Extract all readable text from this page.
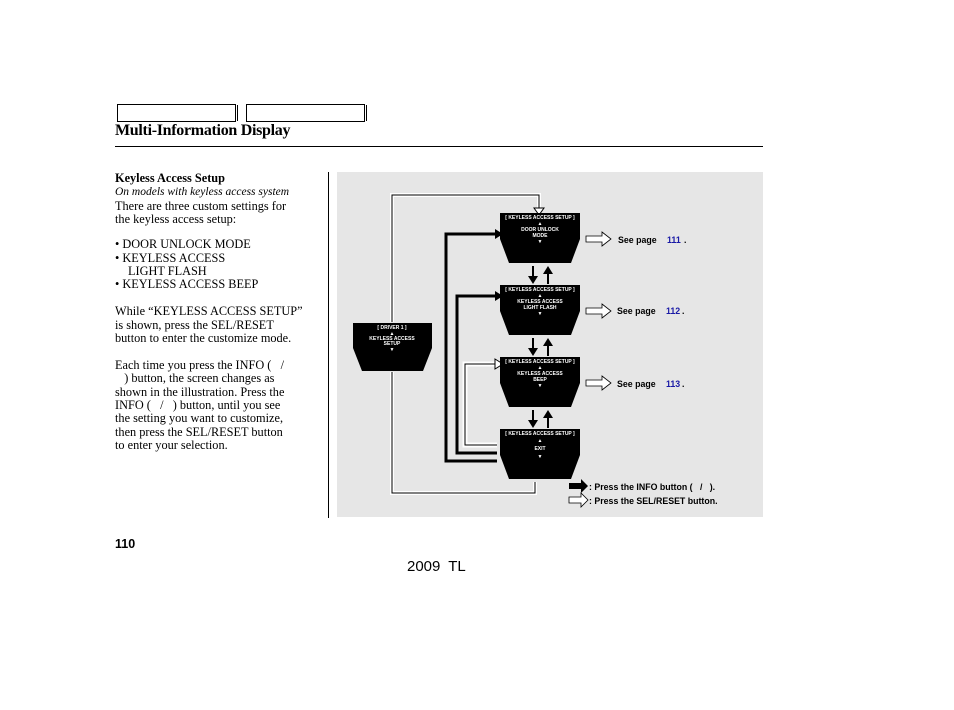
Multi-Information Display
Keyless Access Setup
On models with keyless access system
There are three custom settings for
the keyless access setup:
• DOOR UNLOCK MODE
• KEYLESS ACCESS
LIGHT FLASH
• KEYLESS ACCESS BEEP
While “KEYLESS ACCESS SETUP”
is shown, press the SEL/RESET
button to enter the customize mode.
Each time you press the INFO (   /
) button, the screen changes as
shown in the illustration. Press the
INFO (   /   ) button, until you see
the setting you want to customize,
then press the SEL/RESET button
to enter your selection.
[ DRIVER 1 ]
▲
KEYLESS ACCESS
SETUP
▼
[ KEYLESS ACCESS SETUP ]
▲
DOOR UNLOCK
MODE
▼
[ KEYLESS ACCESS SETUP ]
▲
KEYLESS ACCESS
LIGHT FLASH
▼
[ KEYLESS ACCESS SETUP ]
▲
KEYLESS ACCESS
BEEP
▼
[ KEYLESS ACCESS SETUP ]
▲
EXIT
▼
See page 111 .
See page 112 .
See page 113 .
: Press the INFO button (   /   ).
: Press the SEL/RESET button.
110
2009 TL
